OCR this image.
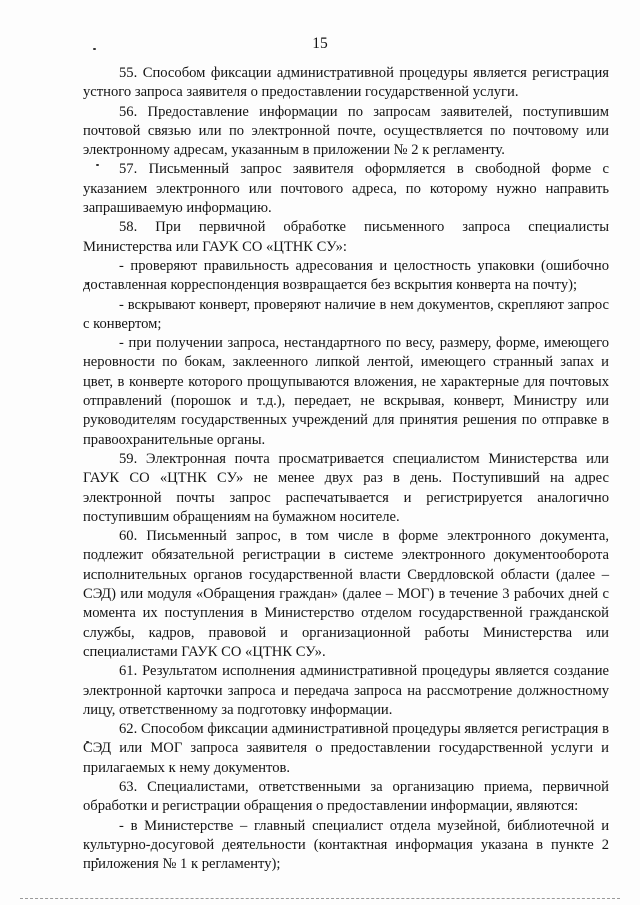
15

55. Способом фиксации административной процедуры является регистрация устного запроса заявителя о предоставлении государственной услуги.

56. Предоставление информации по запросам заявителей, поступившим почтовой связью или по электронной почте, осуществляется по почтовому или электронному адресам, указанным в приложении № 2 к регламенту.

57. Письменный запрос заявителя оформляется в свободной форме с указанием электронного или почтового адреса, по которому нужно направить запрашиваемую информацию.

58. При первичной обработке письменного запроса специалисты Министерства или ГАУК СО «ЦТНК СУ»:

- проверяют правильность адресования и целостность упаковки (ошибочно доставленная корреспонденция возвращается без вскрытия конверта на почту);

- вскрывают конверт, проверяют наличие в нем документов, скрепляют запрос с конвертом;

- при получении запроса, нестандартного по весу, размеру, форме, имеющего неровности по бокам, заклеенного липкой лентой, имеющего странный запах и цвет, в конверте которого прощупываются вложения, не характерные для почтовых отправлений (порошок и т.д.), передает, не вскрывая, конверт, Министру или руководителям государственных учреждений для принятия решения по отправке в правоохранительные органы.

59. Электронная почта просматривается специалистом Министерства или ГАУК СО «ЦТНК СУ» не менее двух раз в день. Поступивший на адрес электронной почты запрос распечатывается и регистрируется аналогично поступившим обращениям на бумажном носителе.

60. Письменный запрос, в том числе в форме электронного документа, подлежит обязательной регистрации в системе электронного документооборота исполнительных органов государственной власти Свердловской области (далее – СЭД) или модуля «Обращения граждан» (далее – МОГ) в течение 3 рабочих дней с момента их поступления в Министерство отделом государственной гражданской службы, кадров, правовой и организационной работы Министерства или специалистами ГАУК СО «ЦТНК СУ».

61. Результатом исполнения административной процедуры является создание электронной карточки запроса и передача запроса на рассмотрение должностному лицу, ответственному за подготовку информации.

62. Способом фиксации административной процедуры является регистрация в СЭД или МОГ запроса заявителя о предоставлении государственной услуги и прилагаемых к нему документов.

63. Специалистами, ответственными за организацию приема, первичной обработки и регистрации обращения о предоставлении информации, являются:

- в Министерстве – главный специалист отдела музейной, библиотечной и культурно-досуговой деятельности (контактная информация указана в пункте 2 приложения № 1 к регламенту);
